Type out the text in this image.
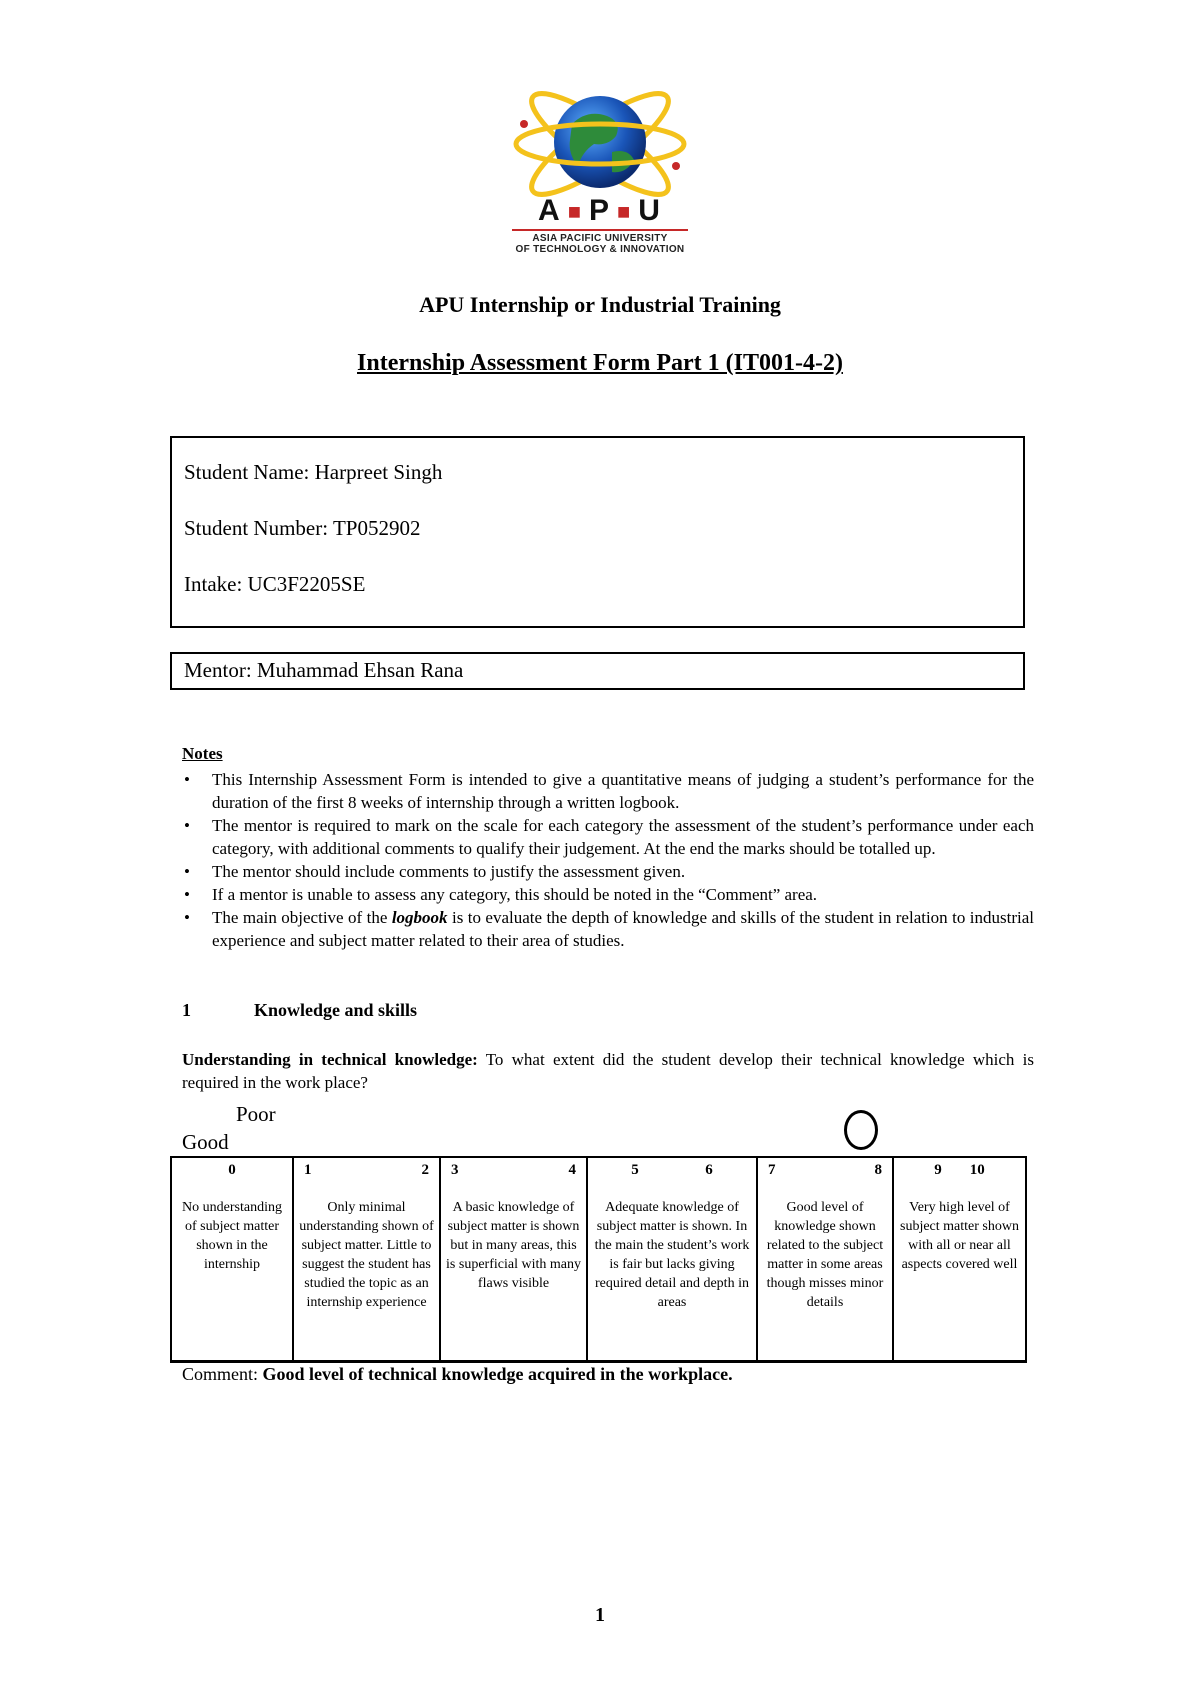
A ■ P ■ U
ASIA PACIFIC UNIVERSITY
OF TECHNOLOGY & INNOVATION
APU Internship or Industrial Training
Internship Assessment Form Part 1 (IT001-4-2)
Student Name: Harpreet Singh
Student Number: TP052902
Intake: UC3F2205SE
Mentor: Muhammad Ehsan Rana
Notes
• This Internship Assessment Form is intended to give a quantitative means of judging a student’s performance for the duration of the first 8 weeks of internship through a written logbook.
• The mentor is required to mark on the scale for each category the assessment of the student’s performance under each category, with additional comments to qualify their judgement. At the end the marks should be totalled up.
• The mentor should include comments to justify the assessment given.
• If a mentor is unable to assess any category, this should be noted in the “Comment” area.
• The main objective of the logbook is to evaluate the depth of knowledge and skills of the student in relation to industrial experience and subject matter related to their area of studies.
1	Knowledge and skills
Understanding in technical knowledge: To what extent did the student develop their technical knowledge which is required in the work place?
Poor
Good
0
No understanding of subject matter shown in the internship

1	2
Only minimal understanding shown of subject matter. Little to suggest the student has studied the topic as an internship experience

3	4
A basic knowledge of subject matter is shown but in many areas, this is superficial with many flaws visible

5	6
Adequate knowledge of subject matter is shown. In the main the student’s work is fair but lacks giving required detail and depth in areas

7	8
Good level of knowledge shown related to the subject matter in some areas though misses minor details

9 10
Very high level of subject matter shown with all or near all aspects covered well
Comment: Good level of technical knowledge acquired in the workplace.
1
